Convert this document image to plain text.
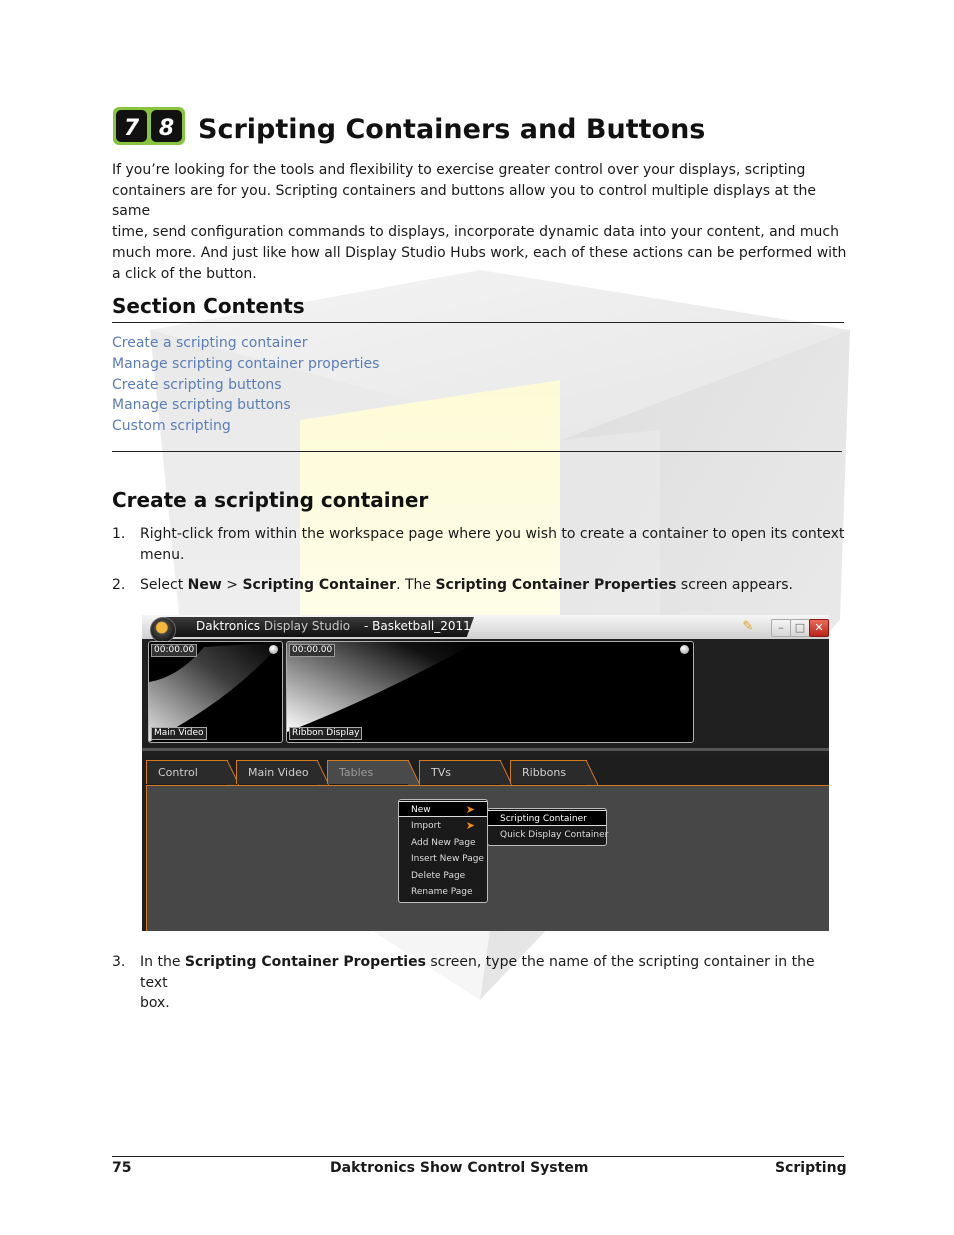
7 8 Scripting Containers and Buttons

If you’re looking for the tools and flexibility to exercise greater control over your displays, scripting
containers are for you. Scripting containers and buttons allow you to control multiple displays at the same
time, send configuration commands to displays, incorporate dynamic data into your content, and much
much more. And just like how all Display Studio Hubs work, each of these actions can be performed with
a click of the button.

Section Contents
Create a scripting container
Manage scripting container properties
Create scripting buttons
Manage scripting buttons
Custom scripting
Create a scripting container
1. Right-click from within the workspace page where you wish to create a container to open its context
menu.
2. Select New > Scripting Container. The Scripting Container Properties screen appears.
Daktronics Display Studio - Basketball_2011	✎	–	□ ✕
00:00.00
Main Video
00:00.00
Ribbon Display
Control	Main Video	Tables	TVs	Ribbons
New	➤
Import ➤
Add New Page
Insert New Page
Delete Page
Rename Page
Scripting Container
Quick Display Container
3. In the Scripting Container Properties screen, type the name of the scripting container in the text
box.
75	Daktronics Show Control System	Scripting
